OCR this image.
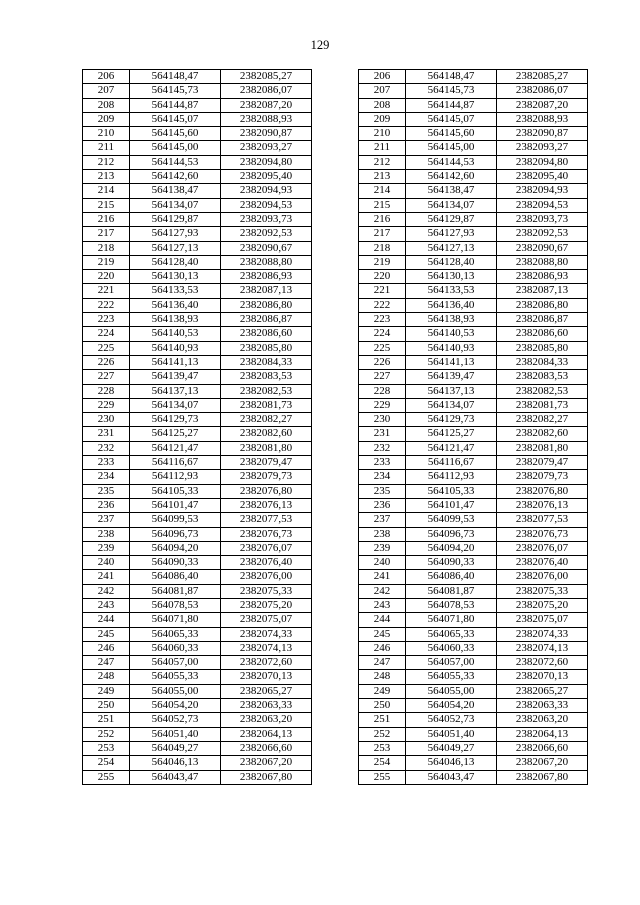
129
206	564148,47	2382085,27		206	564148,47	2382085,27
207	564145,73	2382086,07		207	564145,73	2382086,07
208	564144,87	2382087,20		208	564144,87	2382087,20
209	564145,07	2382088,93		209	564145,07	2382088,93
210	564145,60	2382090,87		210	564145,60	2382090,87
211	564145,00	2382093,27		211	564145,00	2382093,27
212	564144,53	2382094,80		212	564144,53	2382094,80
213	564142,60	2382095,40		213	564142,60	2382095,40
214	564138,47	2382094,93		214	564138,47	2382094,93
215	564134,07	2382094,53		215	564134,07	2382094,53
216	564129,87	2382093,73		216	564129,87	2382093,73
217	564127,93	2382092,53		217	564127,93	2382092,53
218	564127,13	2382090,67		218	564127,13	2382090,67
219	564128,40	2382088,80		219	564128,40	2382088,80
220	564130,13	2382086,93		220	564130,13	2382086,93
221	564133,53	2382087,13		221	564133,53	2382087,13
222	564136,40	2382086,80		222	564136,40	2382086,80
223	564138,93	2382086,87		223	564138,93	2382086,87
224	564140,53	2382086,60		224	564140,53	2382086,60
225	564140,93	2382085,80		225	564140,93	2382085,80
226	564141,13	2382084,33		226	564141,13	2382084,33
227	564139,47	2382083,53		227	564139,47	2382083,53
228	564137,13	2382082,53		228	564137,13	2382082,53
229	564134,07	2382081,73		229	564134,07	2382081,73
230	564129,73	2382082,27		230	564129,73	2382082,27
231	564125,27	2382082,60		231	564125,27	2382082,60
232	564121,47	2382081,80		232	564121,47	2382081,80
233	564116,67	2382079,47		233	564116,67	2382079,47
234	564112,93	2382079,73		234	564112,93	2382079,73
235	564105,33	2382076,80		235	564105,33	2382076,80
236	564101,47	2382076,13		236	564101,47	2382076,13
237	564099,53	2382077,53		237	564099,53	2382077,53
238	564096,73	2382076,73		238	564096,73	2382076,73
239	564094,20	2382076,07		239	564094,20	2382076,07
240	564090,33	2382076,40		240	564090,33	2382076,40
241	564086,40	2382076,00		241	564086,40	2382076,00
242	564081,87	2382075,33		242	564081,87	2382075,33
243	564078,53	2382075,20		243	564078,53	2382075,20
244	564071,80	2382075,07		244	564071,80	2382075,07
245	564065,33	2382074,33		245	564065,33	2382074,33
246	564060,33	2382074,13		246	564060,33	2382074,13
247	564057,00	2382072,60		247	564057,00	2382072,60
248	564055,33	2382070,13		248	564055,33	2382070,13
249	564055,00	2382065,27		249	564055,00	2382065,27
250	564054,20	2382063,33		250	564054,20	2382063,33
251	564052,73	2382063,20		251	564052,73	2382063,20
252	564051,40	2382064,13		252	564051,40	2382064,13
253	564049,27	2382066,60		253	564049,27	2382066,60
254	564046,13	2382067,20		254	564046,13	2382067,20
255	564043,47	2382067,80		255	564043,47	2382067,80
